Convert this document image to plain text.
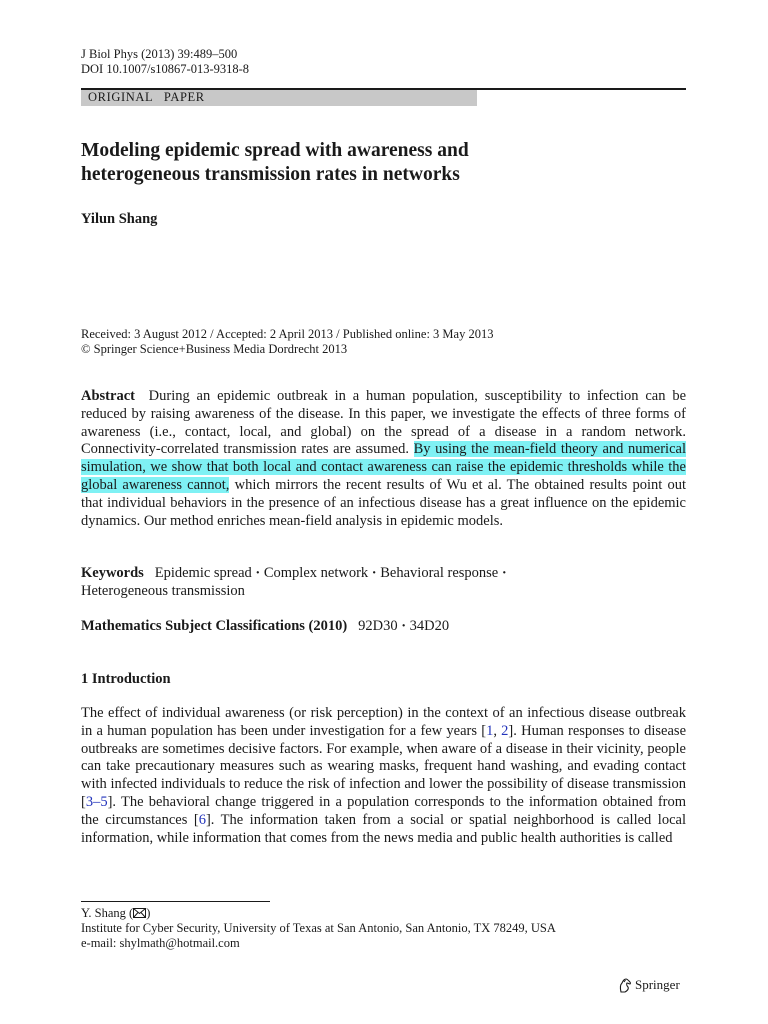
J Biol Phys (2013) 39:489–500
DOI 10.1007/s10867-013-9318-8
ORIGINAL   PAPER
Modeling epidemic spread with awareness and
heterogeneous transmission rates in networks
Yilun Shang
Received: 3 August 2012 / Accepted: 2 April 2013 / Published online: 3 May 2013
© Springer Science+Business Media Dordrecht 2013
Abstract During an epidemic outbreak in a human population, susceptibility to infection can be reduced by raising awareness of the disease. In this paper, we investigate the effects of three forms of awareness (i.e., contact, local, and global) on the spread of a disease in a random network. Connectivity-correlated transmission rates are assumed. By using the mean-field theory and numerical simulation, we show that both local and contact awareness can raise the epidemic thresholds while the global awareness cannot, which mirrors the recent results of Wu et al. The obtained results point out that individual behaviors in the presence of an infectious disease has a great influence on the epidemic dynamics. Our method enriches mean-field analysis in epidemic models.
Keywords Epidemic spread · Complex network · Behavioral response ·
Heterogeneous transmission
Mathematics Subject Classifications (2010) 92D30 · 34D20
1 Introduction
The effect of individual awareness (or risk perception) in the context of an infectious disease outbreak in a human population has been under investigation for a few years [1, 2]. Human responses to disease outbreaks are sometimes decisive factors. For example, when aware of a disease in their vicinity, people can take precautionary measures such as wearing masks, frequent hand washing, and evading contact with infected individuals to reduce the risk of infection and lower the possibility of disease transmission [3–5]. The behavioral change triggered in a population corresponds to the information obtained from the circumstances [6]. The information taken from a social or spatial neighborhood is called local information, while information that comes from the news media and public health authorities is called
Y. Shang ( )
Institute for Cyber Security, University of Texas at San Antonio, San Antonio, TX 78249, USA
e-mail: shylmath@hotmail.com
Springer
